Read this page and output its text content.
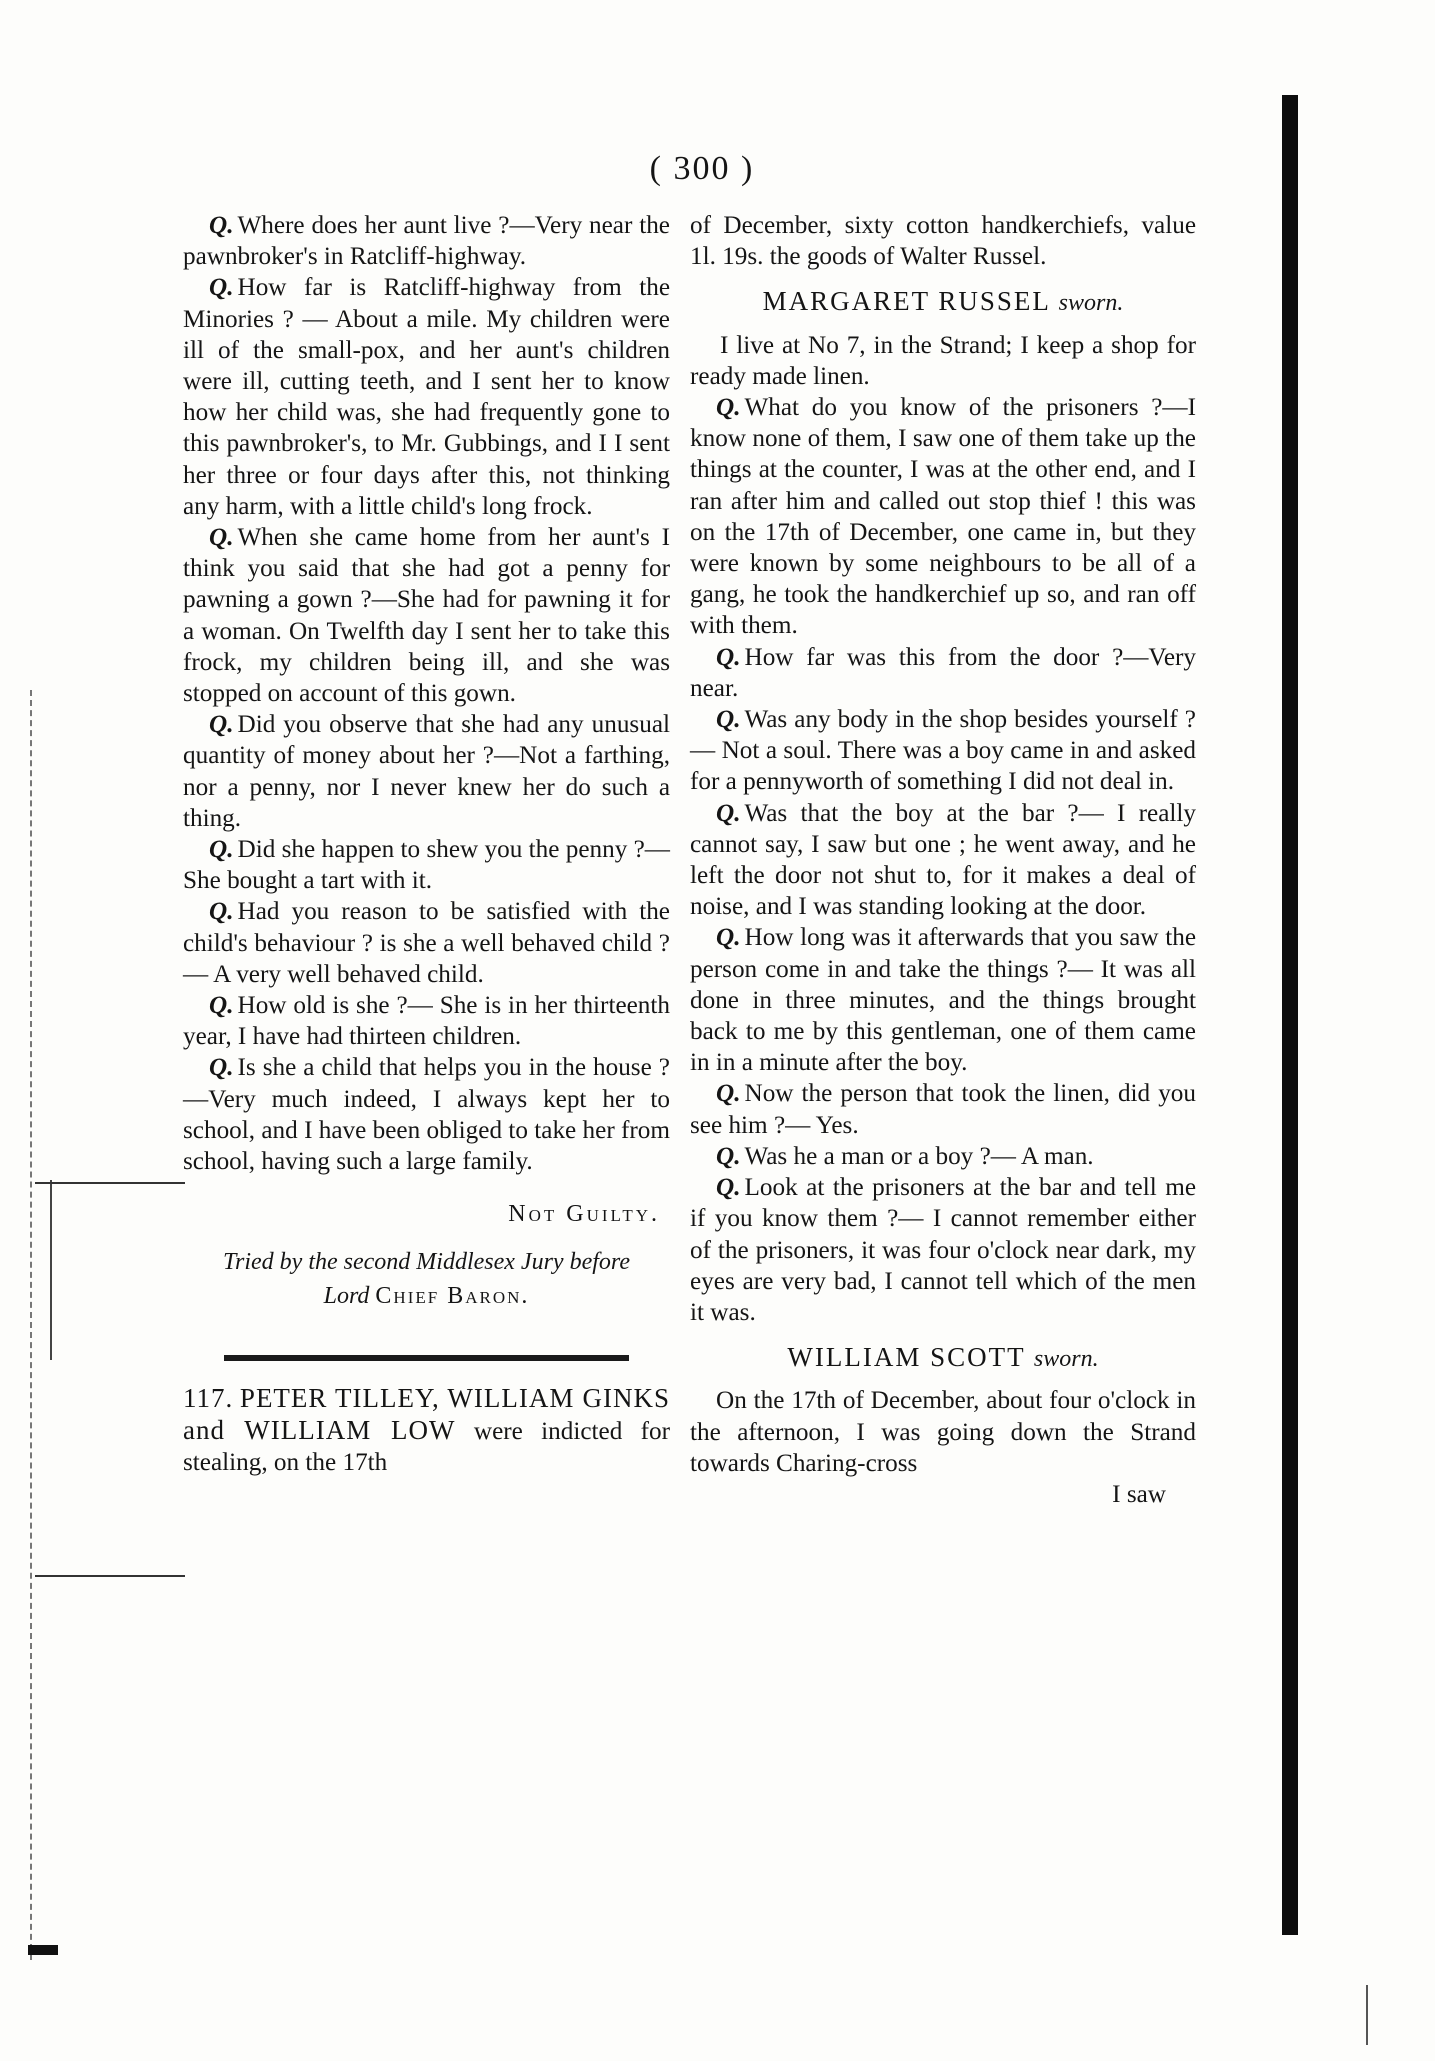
( 300 )

Q. Where does her aunt live ?—Very near the pawnbroker's in Ratcliff-highway.

Q. How far is Ratcliff-highway from the Minories ? — About a mile. My children were ill of the small-pox, and her aunt's children were ill, cutting teeth, and I sent her to know how her child was, she had frequently gone to this pawnbroker's, to Mr. Gubbings, and I I sent her three or four days after this, not thinking any harm, with a little child's long frock.

Q. When she came home from her aunt's I think you said that she had got a penny for pawning a gown ?—She had for pawning it for a woman. On Twelfth day I sent her to take this frock, my children being ill, and she was stopped on account of this gown.

Q. Did you observe that she had any unusual quantity of money about her ?—Not a farthing, nor a penny, nor I never knew her do such a thing.

Q. Did she happen to shew you the penny ?—She bought a tart with it.

Q. Had you reason to be satisfied with the child's behaviour ? is she a well behaved child ?— A very well behaved child.

Q. How old is she ?— She is in her thirteenth year, I have had thirteen children.

Q. Is she a child that helps you in the house ?—Very much indeed, I always kept her to school, and I have been obliged to take her from school, having such a large family.

Not Guilty.
Tried by the second Middlesex Jury before
Lord Chief Baron.

117. PETER TILLEY, WILLIAM GINKS and WILLIAM LOW were indicted for stealing, on the 17th

of December, sixty cotton handkerchiefs, value 1l. 19s. the goods of Walter Russel.

MARGARET RUSSEL sworn.

I live at No 7, in the Strand; I keep a shop for ready made linen.

Q. What do you know of the prisoners ?—I know none of them, I saw one of them take up the things at the counter, I was at the other end, and I ran after him and called out stop thief ! this was on the 17th of December, one came in, but they were known by some neighbours to be all of a gang, he took the handkerchief up so, and ran off with them.

Q. How far was this from the door ?—Very near.

Q. Was any body in the shop besides yourself ?— Not a soul. There was a boy came in and asked for a pennyworth of something I did not deal in.

Q. Was that the boy at the bar ?— I really cannot say, I saw but one ; he went away, and he left the door not shut to, for it makes a deal of noise, and I was standing looking at the door.

Q. How long was it afterwards that you saw the person come in and take the things ?— It was all done in three minutes, and the things brought back to me by this gentleman, one of them came in in a minute after the boy.

Q. Now the person that took the linen, did you see him ?— Yes.

Q. Was he a man or a boy ?— A man.

Q. Look at the prisoners at the bar and tell me if you know them ?— I cannot remember either of the prisoners, it was four o'clock near dark, my eyes are very bad, I cannot tell which of the men it was.

WILLIAM SCOTT sworn.

On the 17th of December, about four o'clock in the afternoon, I was going down the Strand towards Charing-cross

I saw
